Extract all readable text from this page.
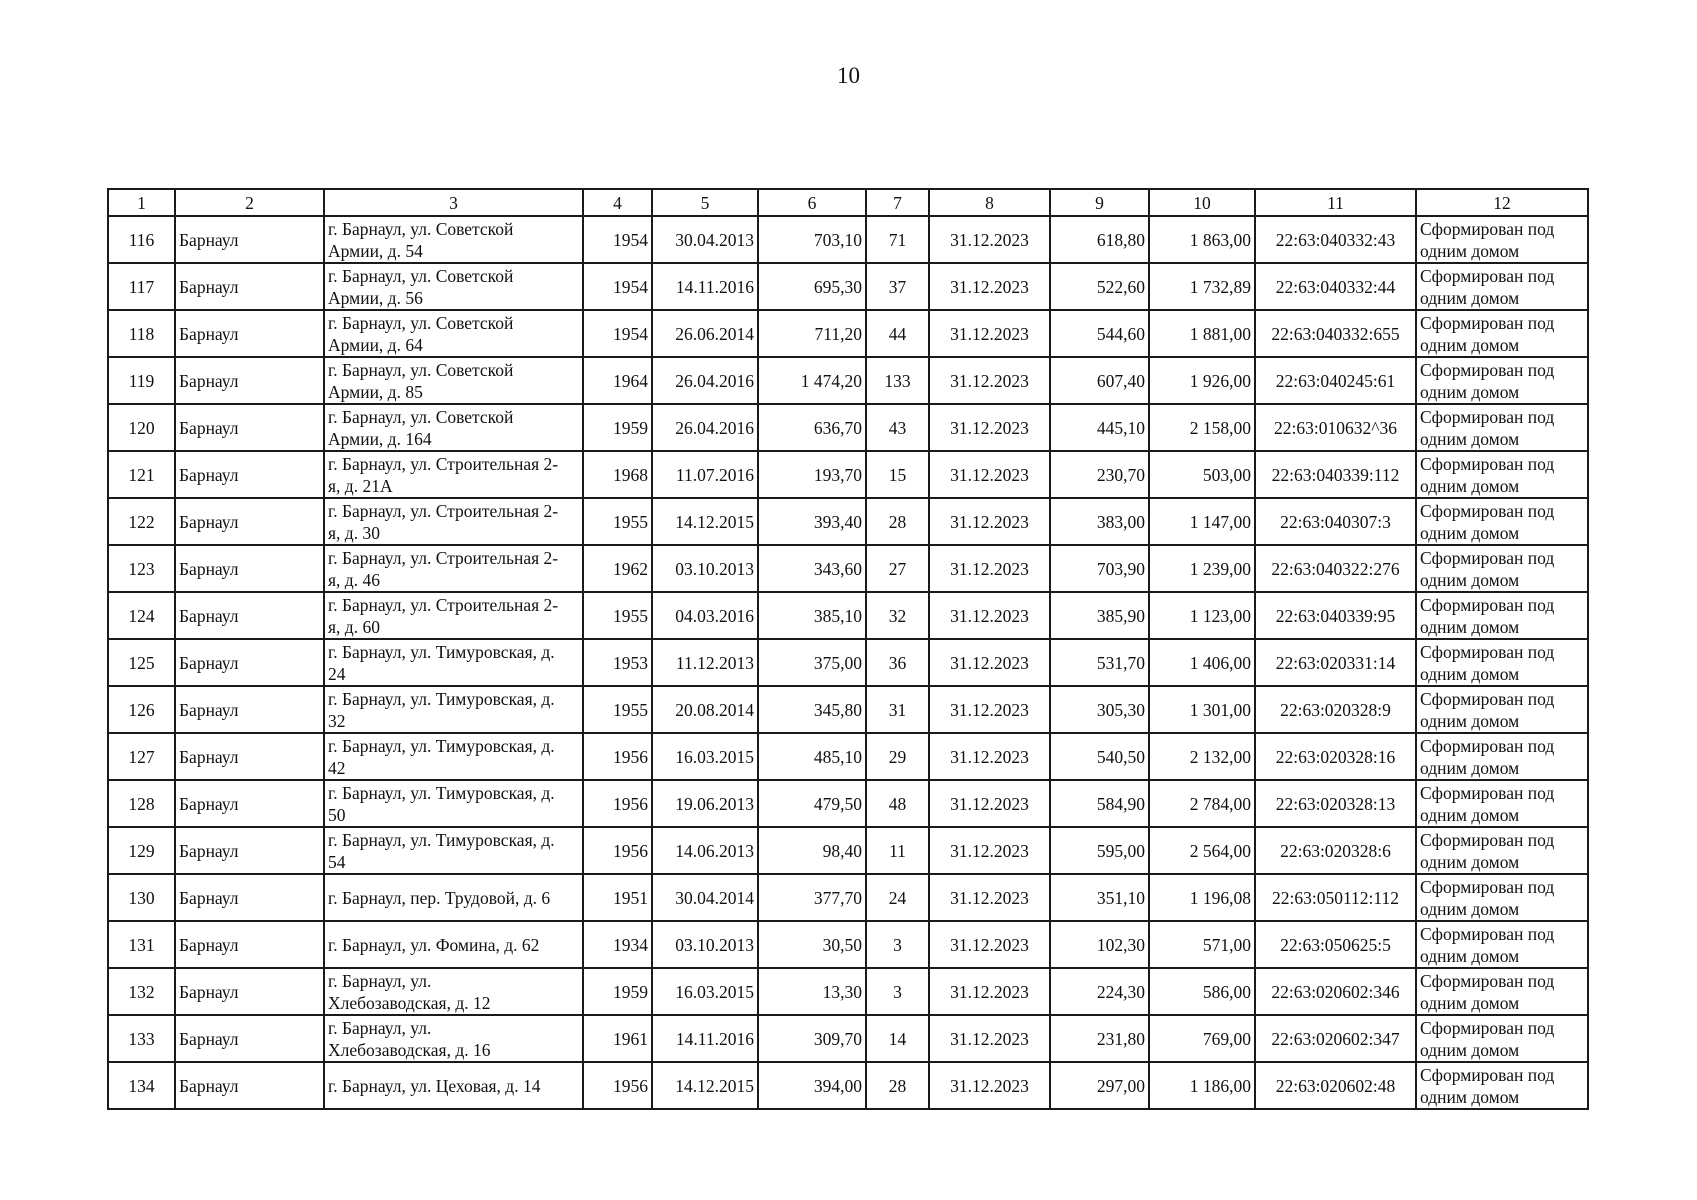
10
1	2	3	4	5	6	7	8	9	10	11	12
116	Барнаул	г. Барнаул, ул. Советской
Армии, д. 54	1954	30.04.2013	703,10	71	31.12.2023	618,80	1 863,00	22:63:040332:43	Сформирован под
одним домом

117	Барнаул	г. Барнаул, ул. Советской
Армии, д. 56	1954	14.11.2016	695,30	37	31.12.2023	522,60	1 732,89	22:63:040332:44	Сформирован под
одним домом

118	Барнаул	г. Барнаул, ул. Советской
Армии, д. 64	1954	26.06.2014	711,20	44	31.12.2023	544,60	1 881,00	22:63:040332:655	Сформирован под
одним домом

119	Барнаул	г. Барнаул, ул. Советской
Армии, д. 85	1964	26.04.2016	1 474,20	133	31.12.2023	607,40	1 926,00	22:63:040245:61	Сформирован под
одним домом

120	Барнаул	г. Барнаул, ул. Советской
Армии, д. 164	1959	26.04.2016	636,70	43	31.12.2023	445,10	2 158,00	22:63:010632^36	Сформирован под
одним домом

121	Барнаул	г. Барнаул, ул. Строительная 2-
я, д. 21А	1968	11.07.2016	193,70	15	31.12.2023	230,70	503,00	22:63:040339:112	Сформирован под
одним домом

122	Барнаул	г. Барнаул, ул. Строительная 2-
я, д. 30	1955	14.12.2015	393,40	28	31.12.2023	383,00	1 147,00	22:63:040307:3	Сформирован под
одним домом

123	Барнаул	г. Барнаул, ул. Строительная 2-
я, д. 46	1962	03.10.2013	343,60	27	31.12.2023	703,90	1 239,00	22:63:040322:276	Сформирован под
одним домом

124	Барнаул	г. Барнаул, ул. Строительная 2-
я, д. 60	1955	04.03.2016	385,10	32	31.12.2023	385,90	1 123,00	22:63:040339:95	Сформирован под
одним домом

125	Барнаул	г. Барнаул, ул. Тимуровская, д.
24	1953	11.12.2013	375,00	36	31.12.2023	531,70	1 406,00	22:63:020331:14	Сформирован под
одним домом

126	Барнаул	г. Барнаул, ул. Тимуровская, д.
32	1955	20.08.2014	345,80	31	31.12.2023	305,30	1 301,00	22:63:020328:9	Сформирован под
одним домом

127	Барнаул	г. Барнаул, ул. Тимуровская, д.
42	1956	16.03.2015	485,10	29	31.12.2023	540,50	2 132,00	22:63:020328:16	Сформирован под
одним домом

128	Барнаул	г. Барнаул, ул. Тимуровская, д.
50	1956	19.06.2013	479,50	48	31.12.2023	584,90	2 784,00	22:63:020328:13	Сформирован под
одним домом

129	Барнаул	г. Барнаул, ул. Тимуровская, д.
54	1956	14.06.2013	98,40	11	31.12.2023	595,00	2 564,00	22:63:020328:6	Сформирован под
одним домом

130	Барнаул	г. Барнаул, пер. Трудовой, д. 6	1951	30.04.2014	377,70	24	31.12.2023	351,10	1 196,08	22:63:050112:112	Сформирован под
одним домом

131	Барнаул	г. Барнаул, ул. Фомина, д. 62	1934	03.10.2013	30,50	3	31.12.2023	102,30	571,00	22:63:050625:5	Сформирован под
одним домом

132	Барнаул	г. Барнаул, ул.
Хлебозаводская, д. 12	1959	16.03.2015	13,30	3	31.12.2023	224,30	586,00	22:63:020602:346	Сформирован под
одним домом

133	Барнаул	г. Барнаул, ул.
Хлебозаводская, д. 16	1961	14.11.2016	309,70	14	31.12.2023	231,80	769,00	22:63:020602:347	Сформирован под
одним домом

134	Барнаул	г. Барнаул, ул. Цеховая, д. 14	1956	14.12.2015	394,00	28	31.12.2023	297,00	1 186,00	22:63:020602:48	Сформирован под
одним домом
